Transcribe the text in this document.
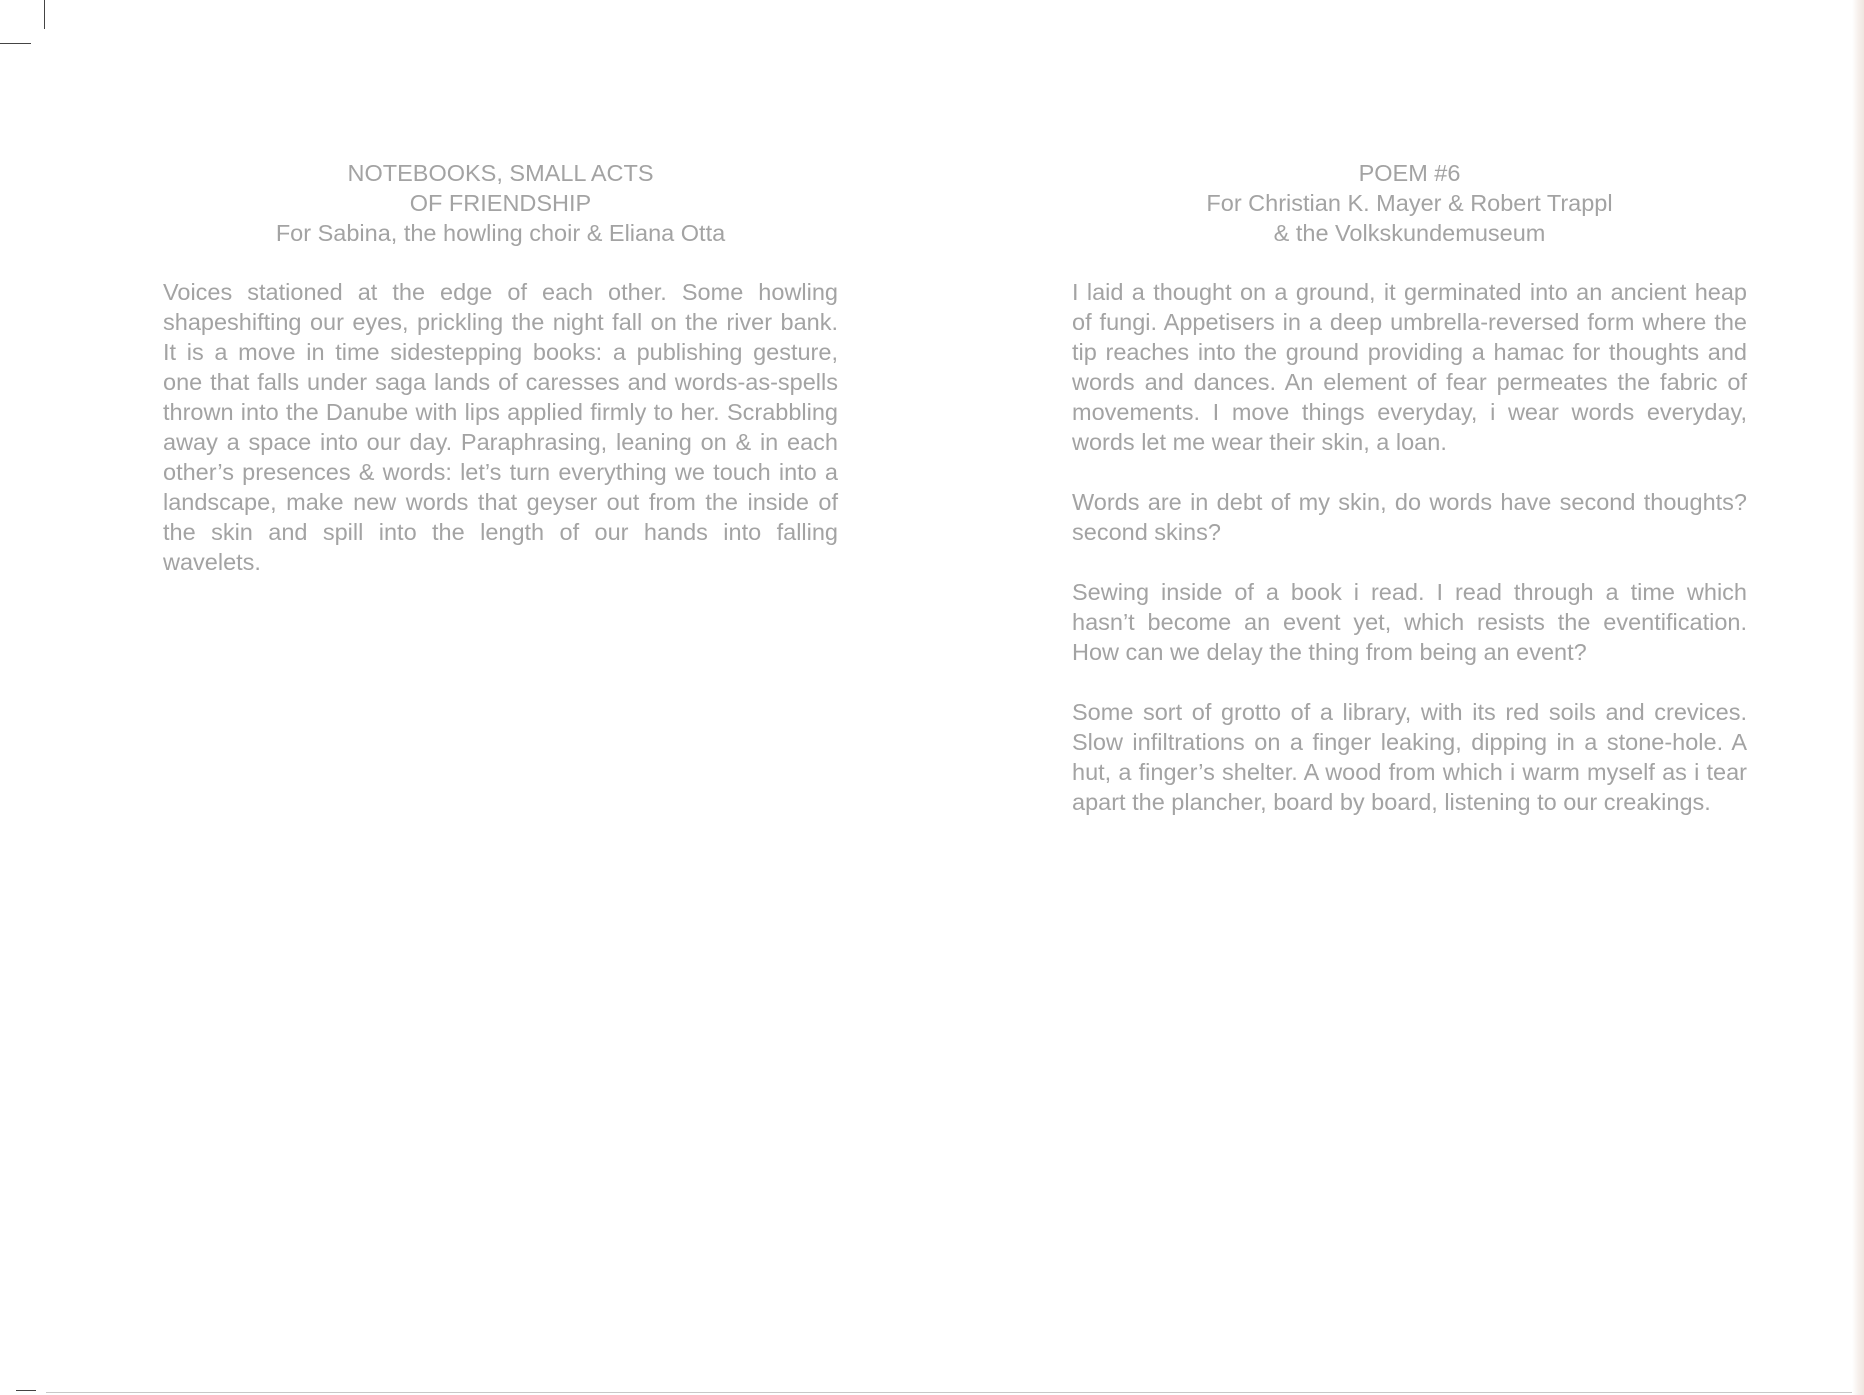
NOTEBOOKS, SMALL ACTS
OF FRIENDSHIP
For Sabina, the howling choir & Eliana Otta

Voices stationed at the edge of each other. Some howling shapeshifting our eyes, prickling the night fall on the river bank. It is a move in time sidestepping books: a publishing gesture, one that falls under saga lands of caresses and words-as-spells thrown into the Danube with lips applied firmly to her. Scrabbling away a space into our day. Paraphrasing, leaning on & in each other’s presences & words: let’s turn everything we touch into a landscape, make new words that geyser out from the inside of the skin and spill into the length of our hands into falling wavelets.

POEM #6
For Christian K. Mayer & Robert Trappl
& the Volkskundemuseum

I laid a thought on a ground, it germinated into an ancient heap of fungi. Appetisers in a deep umbrella-reversed form where the tip reaches into the ground providing a hamac for thoughts and words and dances. An element of fear permeates the fabric of movements. I move things everyday, i wear words everyday, words let me wear their skin, a loan.

Words are in debt of my skin, do words have second thoughts? second skins?

Sewing inside of a book i read. I read through a time which hasn’t become an event yet, which resists the eventification. How can we delay the thing from being an event?

Some sort of grotto of a library, with its red soils and crevices. Slow infiltrations on a finger leaking, dipping in a stone-hole. A hut, a finger’s shelter. A wood from which i warm myself as i tear apart the plancher, board by board, listening to our creakings.
